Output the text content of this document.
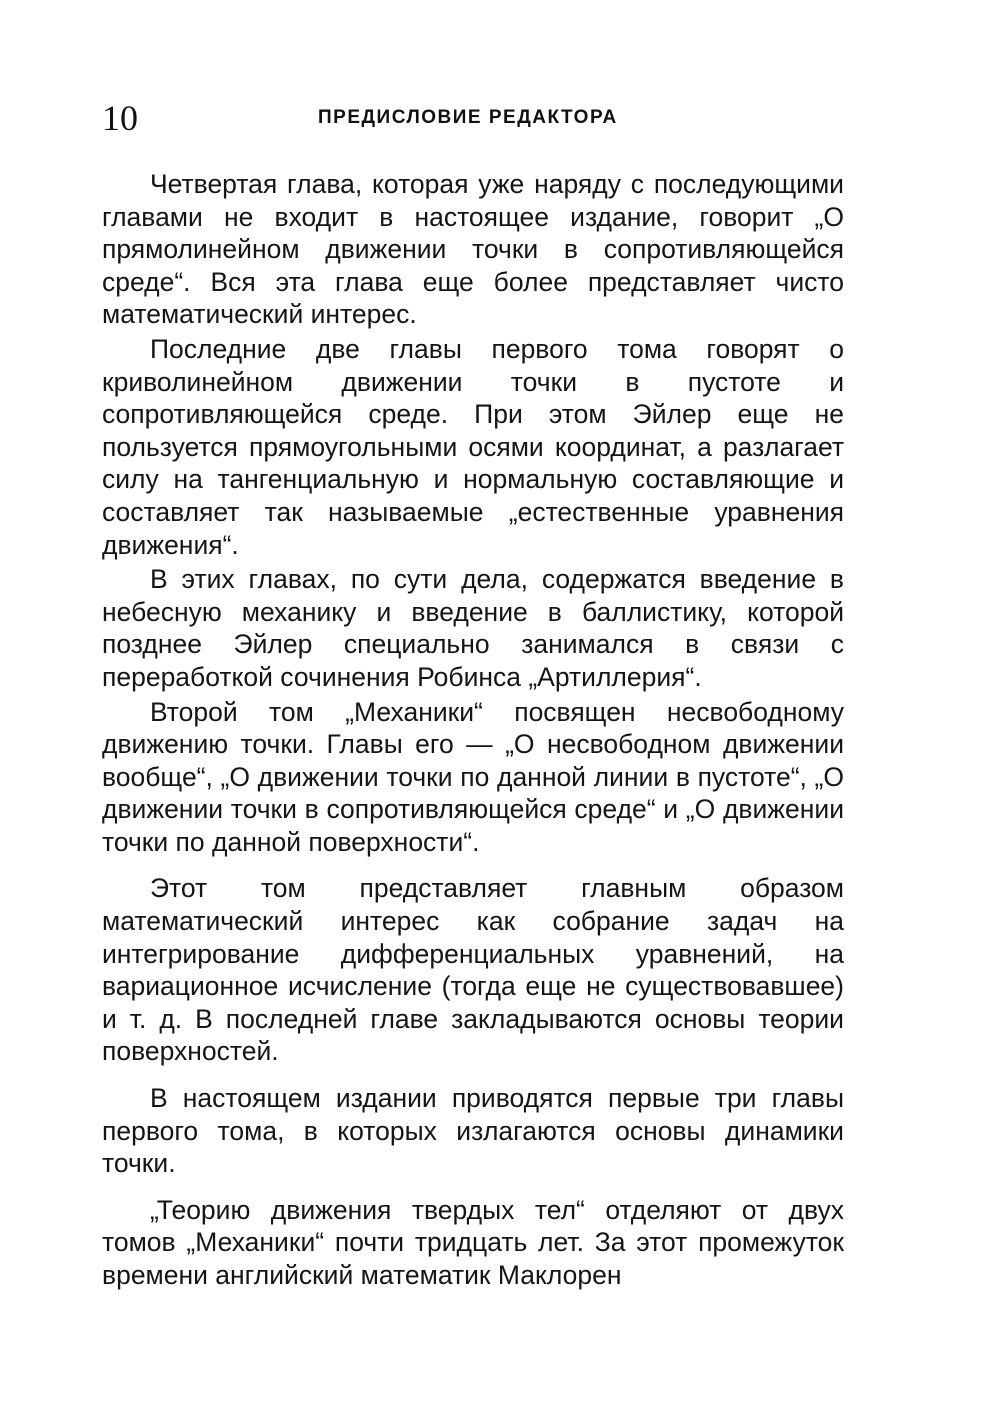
10	ПРЕДИСЛОВИЕ РЕДАКТОРА

Четвертая глава, которая уже наряду с последующими главами не входит в настоящее издание, говорит „О прямолинейном движении точки в сопротивляющейся среде“. Вся эта глава еще более представляет чисто математический интерес.

Последние две главы первого тома говорят о криволинейном движении точки в пустоте и сопротивляющейся среде. При этом Эйлер еще не пользуется прямоугольными осями координат, а разлагает силу на тангенциальную и нормальную составляющие и составляет так называемые „естественные уравнения движения“.

В этих главах, по сути дела, содержатся введение в небесную механику и введение в баллистику, которой позднее Эйлер специально занимался в связи с переработкой сочинения Робинса „Артиллерия“.

Второй том „Механики“ посвящен несвободному движению точки. Главы его — „О несвободном движении вообще“, „О движении точки по данной линии в пустоте“, „О движении точки в сопротивляющейся среде“ и „О движении точки по данной поверхности“.

Этот том представляет главным образом математический интерес как собрание задач на интегрирование дифференциальных уравнений, на вариационное исчисление (тогда еще не существовавшее) и т. д. В последней главе закладываются основы теории поверхностей.

В настоящем издании приводятся первые три главы первого тома, в которых излагаются основы динамики точки.

„Теорию движения твердых тел“ отделяют от двух томов „Механики“ почти тридцать лет. За этот промежуток времени английский математик Маклорен
